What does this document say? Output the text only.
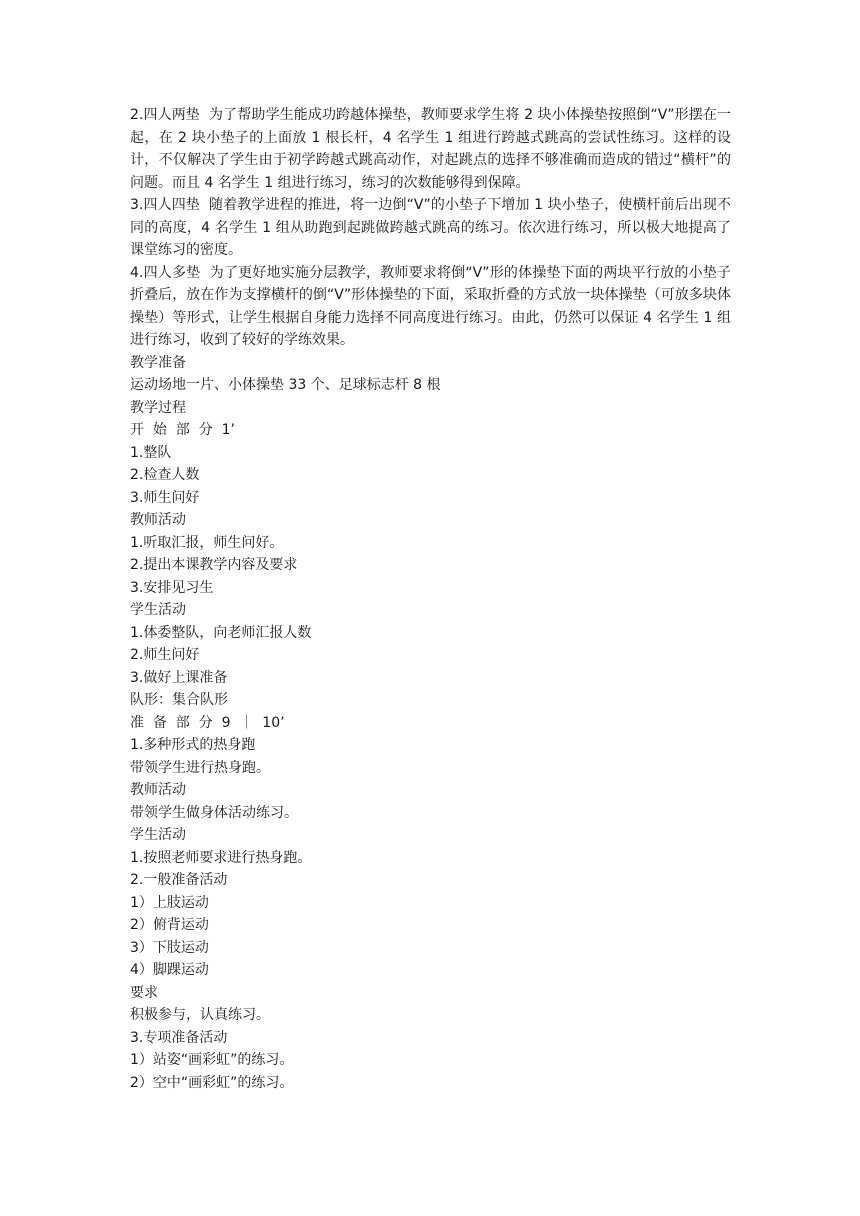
2.四人两垫  为了帮助学生能成功跨越体操垫，教师要求学生将 2 块小体操垫按照倒“V”形摆在一起，在 2 块小垫子的上面放 1 根长杆，4 名学生 1 组进行跨越式跳高的尝试性练习。这样的设计，不仅解决了学生由于初学跨越式跳高动作，对起跳点的选择不够准确而造成的错过“横杆”的问题。而且 4 名学生 1 组进行练习，练习的次数能够得到保障。

3.四人四垫  随着教学进程的推进，将一边倒“V”的小垫子下增加 1 块小垫子，使横杆前后出现不同的高度，4 名学生 1 组从助跑到起跳做跨越式跳高的练习。依次进行练习，所以极大地提高了课堂练习的密度。

4.四人多垫  为了更好地实施分层教学，教师要求将倒“V”形的体操垫下面的两块平行放的小垫子折叠后，放在作为支撑横杆的倒“V”形体操垫的下面，采取折叠的方式放一块体操垫（可放多块体操垫）等形式，让学生根据自身能力选择不同高度进行练习。由此，仍然可以保证 4 名学生 1 组进行练习，收到了较好的学练效果。

教学准备
运动场地一片、小体操垫 33 个、足球标志杆 8 根
教学过程
开  始  部  分  1’
1.整队
2.检查人数
3.师生问好
教师活动
1.听取汇报，师生问好。
2.提出本课教学内容及要求
3.安排见习生
学生活动
1.体委整队，向老师汇报人数
2.师生问好
3.做好上课准备
队形：集合队形
准  备  部  分  9  ｜  10’
1.多种形式的热身跑
带领学生进行热身跑。
教师活动
带领学生做身体活动练习。
学生活动
1.按照老师要求进行热身跑。
2.一般准备活动
1）上肢运动
2）俯背运动
3）下肢运动
4）脚踝运动
要求
积极参与，认真练习。
3.专项准备活动
1）站姿“画彩虹”的练习。
2）空中“画彩虹”的练习。
